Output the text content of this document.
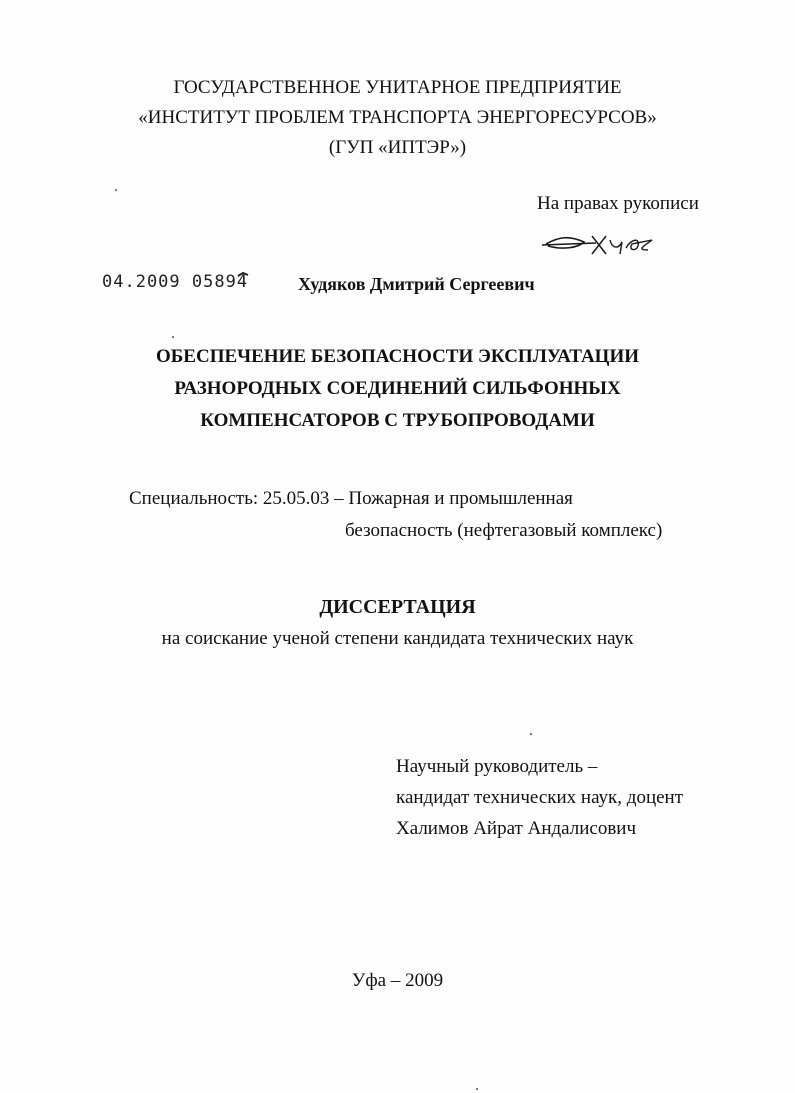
ГОСУДАРСТВЕННОЕ УНИТАРНОЕ ПРЕДПРИЯТИЕ
«ИНСТИТУТ ПРОБЛЕМ ТРАНСПОРТА ЭНЕРГОРЕСУРСОВ»
(ГУП «ИПТЭР»)
На правах рукописи
04.2009 05894	Худяков Дмитрий Сергеевич
ОБЕСПЕЧЕНИЕ БЕЗОПАСНОСТИ ЭКСПЛУАТАЦИИ
РАЗНОРОДНЫХ СОЕДИНЕНИЙ СИЛЬФОННЫХ
КОМПЕНСАТОРОВ С ТРУБОПРОВОДАМИ
Специальность: 25.05.03 – Пожарная и промышленная
безопасность (нефтегазовый комплекс)
ДИССЕРТАЦИЯ
на соискание ученой степени кандидата технических наук
Научный руководитель –
кандидат технических наук, доцент
Халимов Айрат Андалисович
Уфа – 2009
